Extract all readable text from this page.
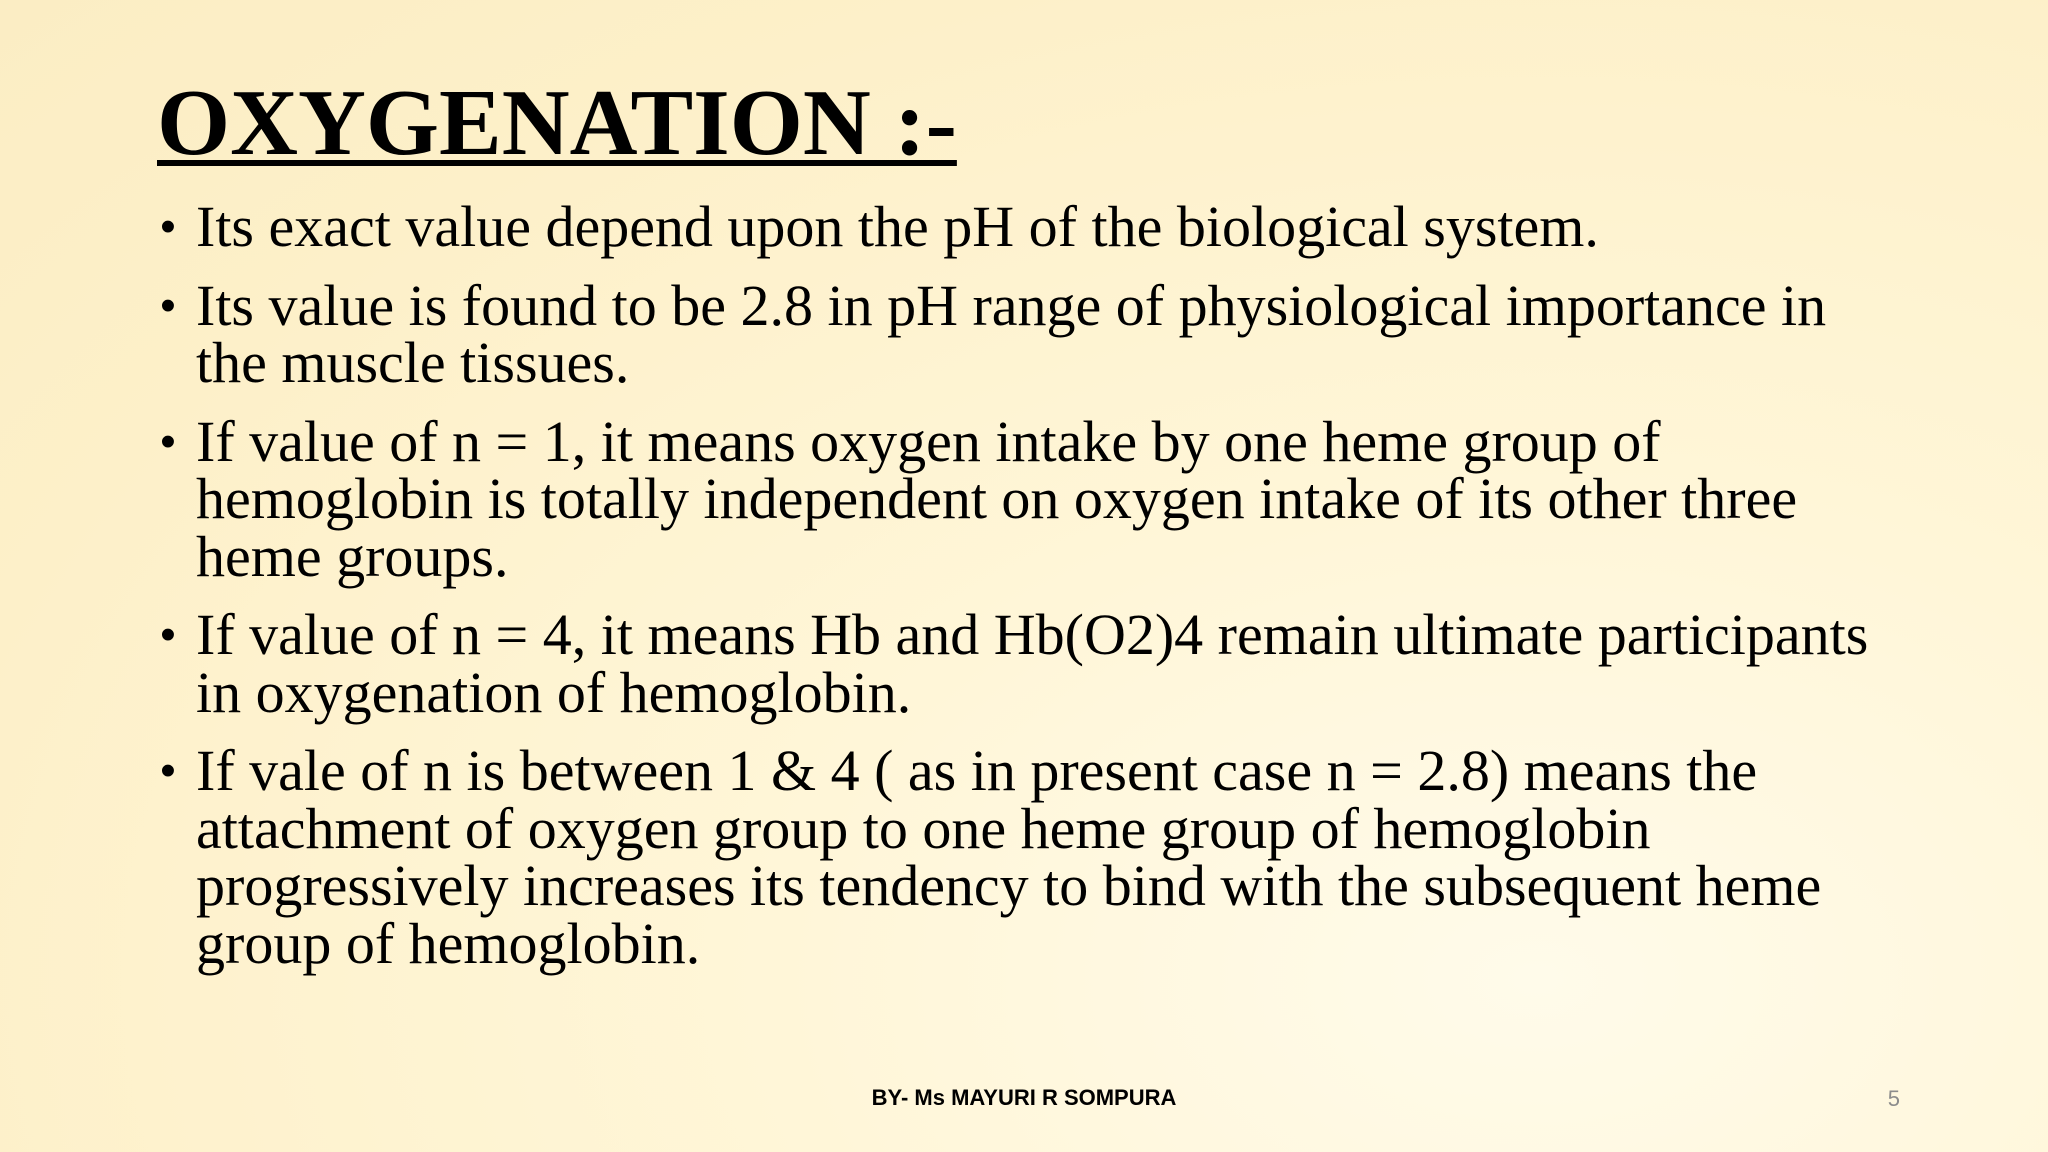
OXYGENATION :-
• Its exact value depend upon the pH of the biological system.
• Its value is found to be 2.8 in pH range of physiological importance in the muscle tissues.
• If value of n = 1, it means oxygen intake by one heme group of hemoglobin is totally independent on oxygen intake of its other three heme groups.
• If value of n = 4, it means Hb and Hb(O2)4 remain ultimate participants in oxygenation of hemoglobin.
• If vale of n is between 1 & 4 ( as in present case n = 2.8) means the attachment of oxygen group to one heme group of hemoglobin progressively increases its tendency to bind with the subsequent heme group of hemoglobin.
BY- Ms MAYURI R SOMPURA	5
